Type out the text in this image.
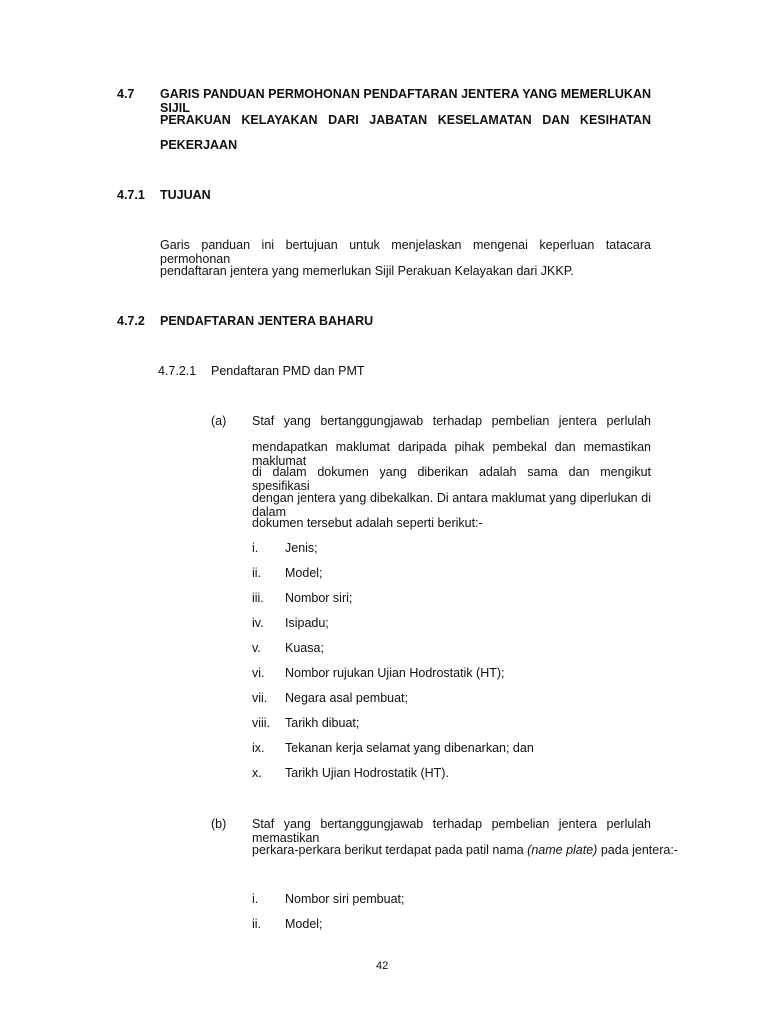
4.7 GARIS PANDUAN PERMOHONAN PENDAFTARAN JENTERA YANG MEMERLUKAN SIJIL
PERAKUAN KELAYAKAN DARI JABATAN KESELAMATAN DAN KESIHATAN
PEKERJAAN
4.7.1 TUJUAN
Garis panduan ini bertujuan untuk menjelaskan mengenai keperluan tatacara permohonan
pendaftaran jentera yang memerlukan Sijil Perakuan Kelayakan dari JKKP.
4.7.2 PENDAFTARAN JENTERA BAHARU
4.7.2.1 Pendaftaran PMD dan PMT
(a) Staf yang bertanggungjawab terhadap pembelian jentera perlulah
mendapatkan maklumat daripada pihak pembekal dan memastikan maklumat
di dalam dokumen yang diberikan adalah sama dan mengikut spesifikasi
dengan jentera yang dibekalkan. Di antara maklumat yang diperlukan di dalam
dokumen tersebut adalah seperti berikut:-
i. Jenis;
ii. Model;
iii. Nombor siri;
iv. Isipadu;
v. Kuasa;
vi. Nombor rujukan Ujian Hodrostatik (HT);
vii. Negara asal pembuat;
viii. Tarikh dibuat;
ix. Tekanan kerja selamat yang dibenarkan; dan
x. Tarikh Ujian Hodrostatik (HT).
(b) Staf yang bertanggungjawab terhadap pembelian jentera perlulah memastikan
perkara-perkara berikut terdapat pada patil nama (name plate) pada jentera:-
i. Nombor siri pembuat;
ii. Model;
42
